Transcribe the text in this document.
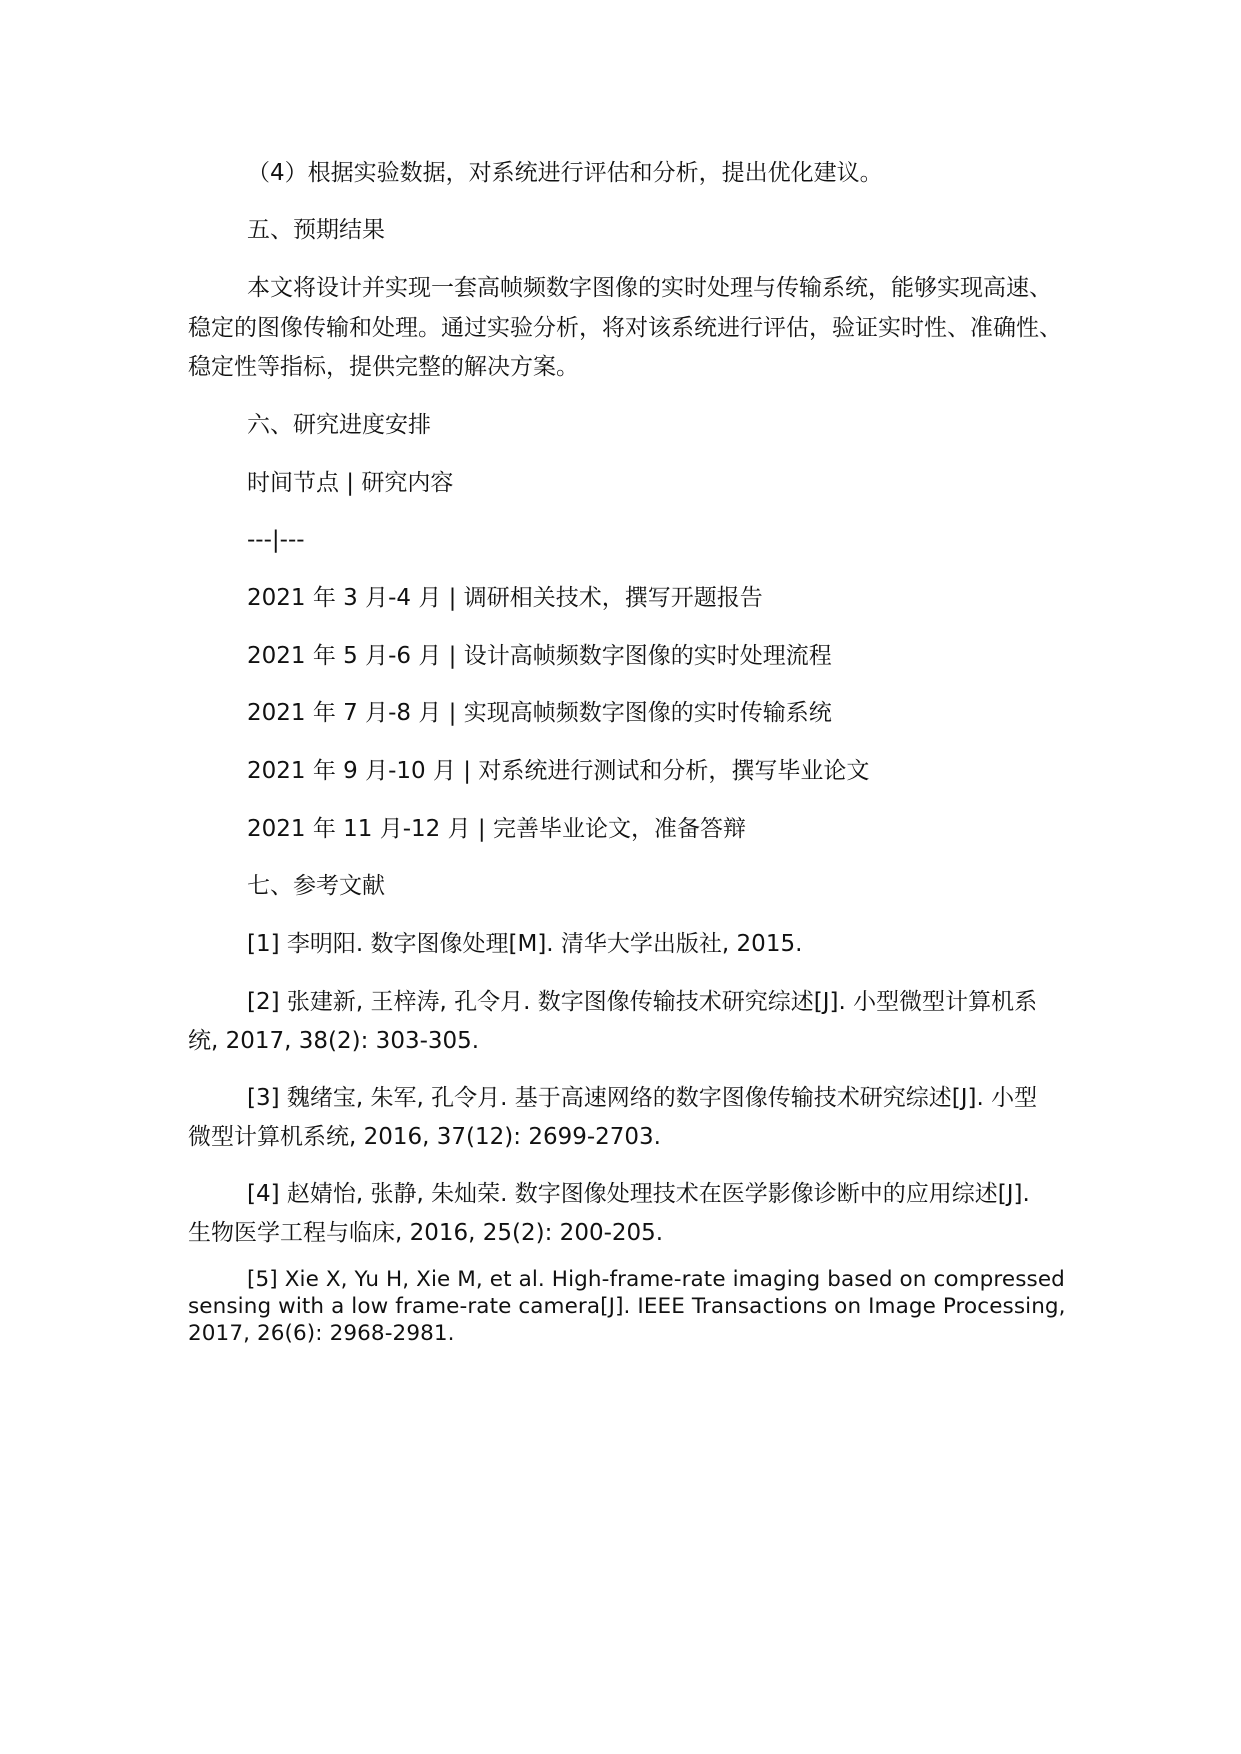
（4）根据实验数据，对系统进行评估和分析，提出优化建议。
五、预期结果
本文将设计并实现一套高帧频数字图像的实时处理与传输系统，能够实现高速、
稳定的图像传输和处理。通过实验分析，将对该系统进行评估，验证实时性、准确性、
稳定性等指标，提供完整的解决方案。
六、研究进度安排
时间节点 | 研究内容
---|---
2021 年 3 月-4 月 | 调研相关技术，撰写开题报告
2021 年 5 月-6 月 | 设计高帧频数字图像的实时处理流程
2021 年 7 月-8 月 | 实现高帧频数字图像的实时传输系统
2021 年 9 月-10 月 | 对系统进行测试和分析，撰写毕业论文
2021 年 11 月-12 月 | 完善毕业论文，准备答辩
七、参考文献
[1] 李明阳. 数字图像处理[M]. 清华大学出版社, 2015.
[2] 张建新, 王梓涛, 孔令月. 数字图像传输技术研究综述[J]. 小型微型计算机系
统, 2017, 38(2): 303-305.
[3] 魏绪宝, 朱军, 孔令月. 基于高速网络的数字图像传输技术研究综述[J]. 小型
微型计算机系统, 2016, 37(12): 2699-2703.
[4] 赵婧怡, 张静, 朱灿荣. 数字图像处理技术在医学影像诊断中的应用综述[J].
生物医学工程与临床, 2016, 25(2): 200-205.
[5] Xie X, Yu H, Xie M, et al. High-frame-rate imaging based on compressed
sensing with a low frame-rate camera[J]. IEEE Transactions on Image Processing,
2017, 26(6): 2968-2981.
